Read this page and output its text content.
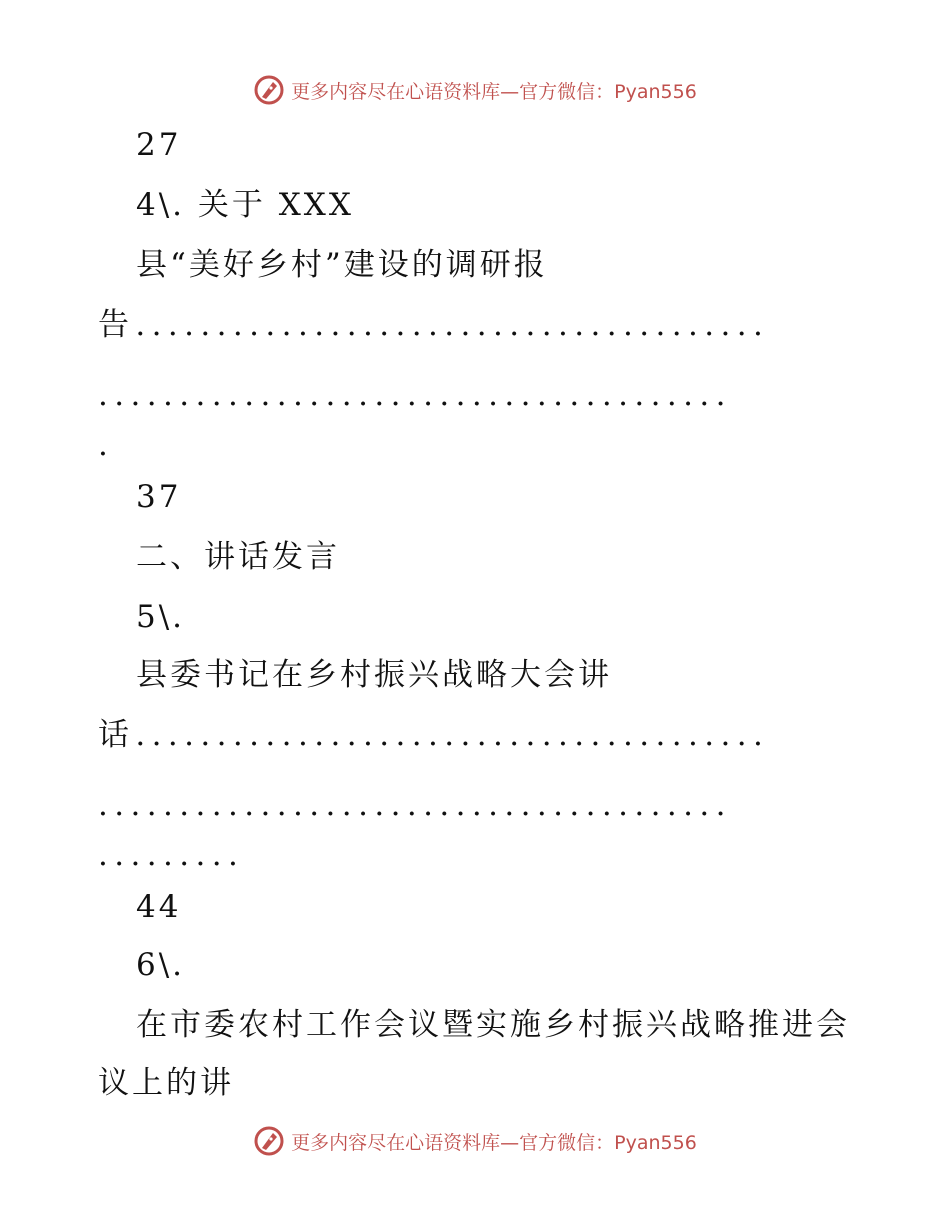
更多内容尽在心语资料库—官方微信：Pyan556
27
4\. 关于 XXX
县“美好乡村”建设的调研报
告.......................................
.......................................
.
37
二、讲话发言
5\.
县委书记在乡村振兴战略大会讲
话.......................................
.......................................
.........
44
6\.
在市委农村工作会议暨实施乡村振兴战略推进会
议上的讲
更多内容尽在心语资料库—官方微信：Pyan556
